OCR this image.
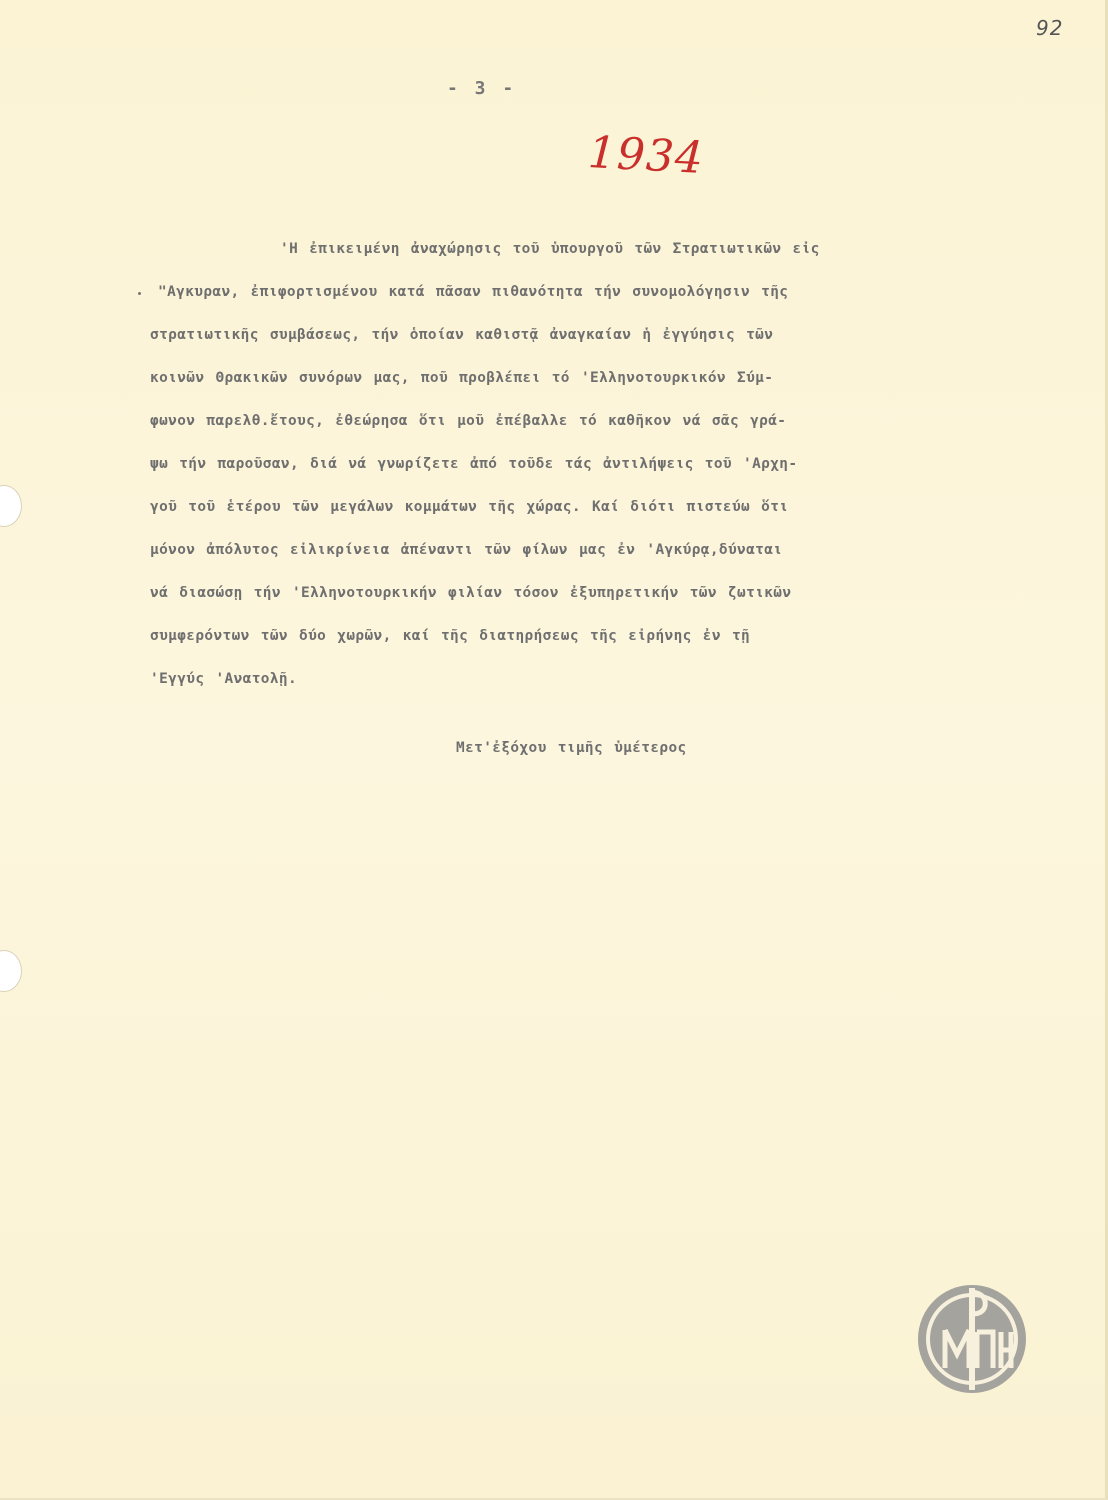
92
- 3 -
1934
'Η ἐπικειμένη ἀναχώρησις τοῦ ὑπουργοῦ τῶν Στρατιωτικῶν εἰς
"Αγκυραν, ἐπιφορτισμένου κατά πᾶσαν πιθανότητα τήν συνομολόγησιν τῆς
στρατιωτικῆς συμβάσεως, τήν ὁποίαν καθιστᾷ ἀναγκαίαν ἡ ἐγγύησις τῶν
κοινῶν Θρακικῶν συνόρων μας, ποῦ προβλέπει τό 'Ελληνοτουρκικόν Σύμ-
φωνον παρελθ.ἔτους, ἐθεώρησα ὅτι μοῦ ἐπέβαλλε τό καθῆκον νά σᾶς γρά-
ψω τήν παροῦσαν, διά νά γνωρίζετε ἀπό τοῦδε τάς ἀντιλήψεις τοῦ 'Αρχη-
γοῦ τοῦ ἑτέρου τῶν μεγάλων κομμάτων τῆς χώρας. Καί διότι πιστεύω ὅτι
μόνον ἀπόλυτος εἰλικρίνεια ἀπέναντι τῶν φίλων μας ἐν 'Αγκύρᾳ,δύναται
νά διασώσῃ τήν 'Ελληνοτουρκικήν φιλίαν τόσον ἐξυπηρετικήν τῶν ζωτικῶν
συμφερόντων τῶν δύο χωρῶν, καί τῆς διατηρήσεως τῆς εἰρήνης ἐν τῇ
'Εγγύς 'Ανατολῇ.
Μετ'ἐξόχου τιμῆς ὑμέτερος
